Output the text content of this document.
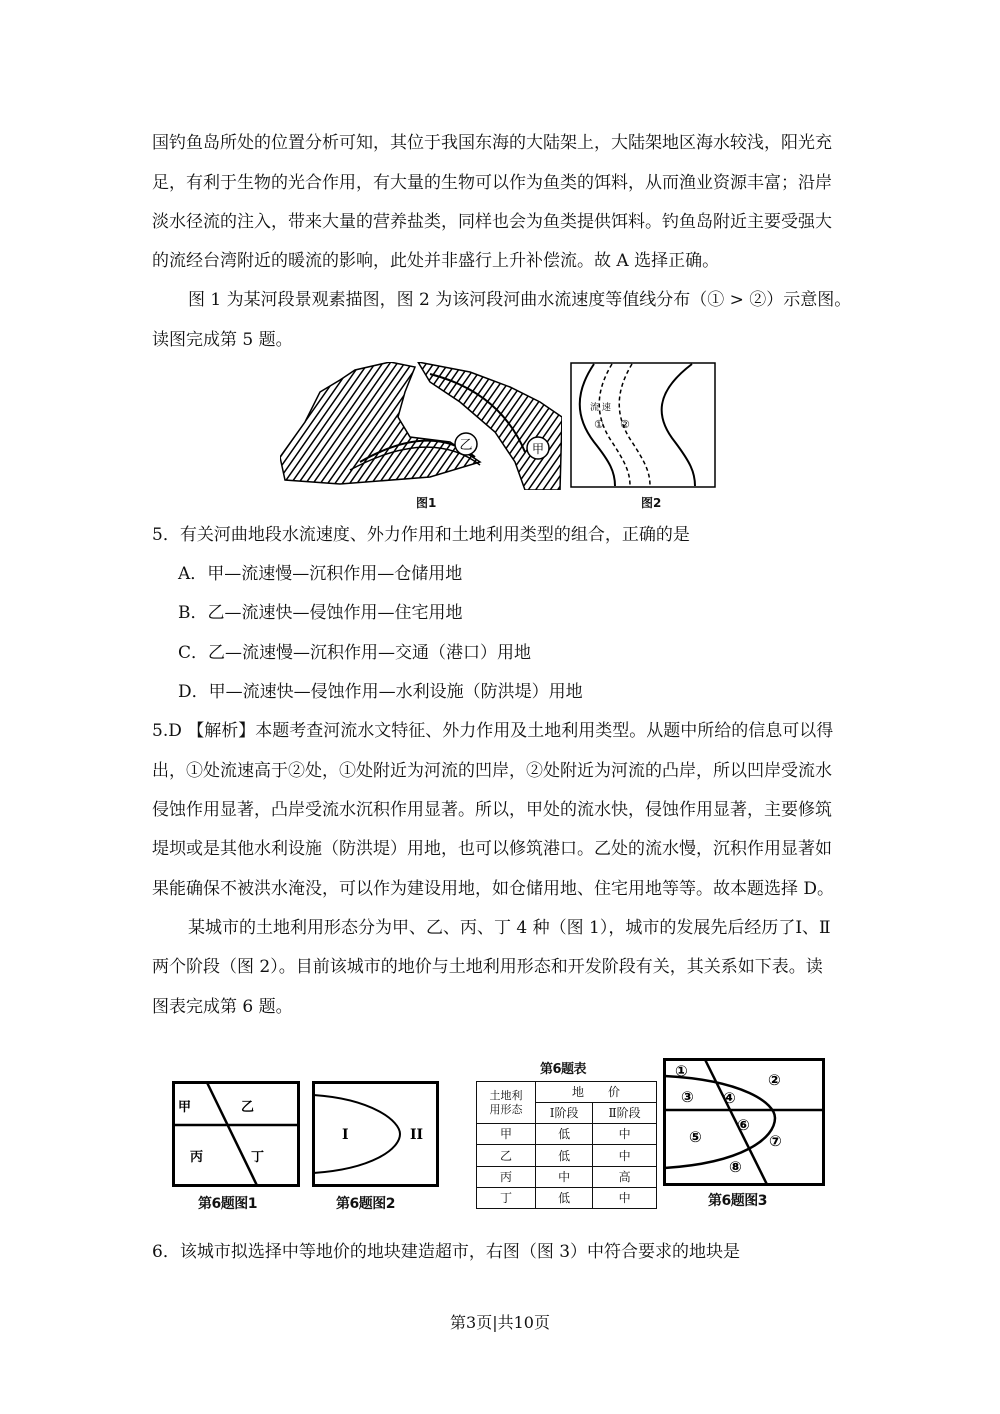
国钓鱼岛所处的位置分析可知，其位于我国东海的大陆架上，大陆架地区海水较浅，阳光充
足，有利于生物的光合作用，有大量的生物可以作为鱼类的饵料，从而渔业资源丰富；沿岸
淡水径流的注入，带来大量的营养盐类，同样也会为鱼类提供饵料。钓鱼岛附近主要受强大
的流经台湾附近的暖流的影响，此处并非盛行上升补偿流。故 A 选择正确。
图 1 为某河段景观素描图，图 2 为该河段河曲水流速度等值线分布（① > ②）示意图。
读图完成第 5 题。
乙	甲
图1
流 速
① ②
图2
5．有关河曲地段水流速度、外力作用和土地利用类型的组合，正确的是
A．甲—流速慢—沉积作用—仓储用地
B．乙—流速快—侵蚀作用—住宅用地
C．乙—流速慢—沉积作用—交通（港口）用地
D．甲—流速快—侵蚀作用—水利设施（防洪堤）用地
5.D 【解析】本题考查河流水文特征、外力作用及土地利用类型。从题中所给的信息可以得
出，①处流速高于②处，①处附近为河流的凹岸，②处附近为河流的凸岸，所以凹岸受流水
侵蚀作用显著，凸岸受流水沉积作用显著。所以，甲处的流水快，侵蚀作用显著，主要修筑
堤坝或是其他水利设施（防洪堤）用地，也可以修筑港口。乙处的流水慢，沉积作用显著如
果能确保不被洪水淹没，可以作为建设用地，如仓储用地、住宅用地等等。故本题选择 D。
某城市的土地利用形态分为甲、乙、丙、丁 4 种（图 1），城市的发展先后经历了Ⅰ、Ⅱ
两个阶段（图 2）。目前该城市的地价与土地利用形态和开发阶段有关，其关系如下表。读
图表完成第 6 题。
甲	乙
丙	丁
第6题图1
I	II
第6题图2
第6题表
土地利
用形态	地　　价	
	Ⅰ阶段	Ⅱ阶段
甲	低	中
乙	低	中
丙	中	高
丁	低	中
①	②
③ ④
⑤
⑥
⑦
⑧
第6题图3
6．该城市拟选择中等地价的地块建造超市，右图（图 3）中符合要求的地块是
第3页|共10页
